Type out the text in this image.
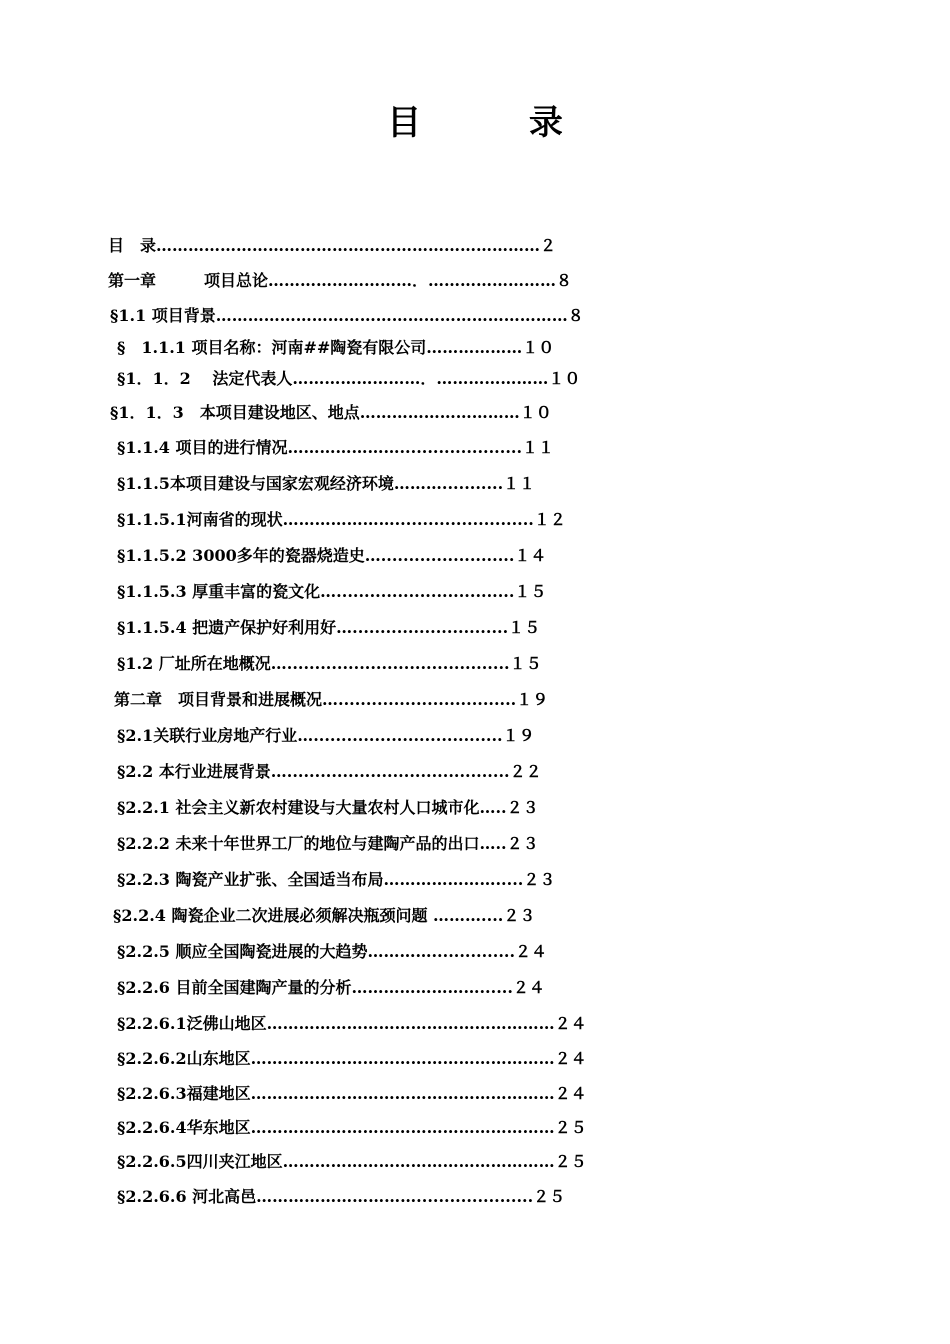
目 录
目　录………………………………………………………………２
第一章　　　项目总论………………………．……………………８
§1.1 项目背景…………………………………………………………８
§　1.1.1 项目名称：河南##陶瓷有限公司………………１０
§1．1．2　 法定代表人……………………．…………………１０
§1．1．3　本项目建设地区、地点…………………………１０
§1.1.4 项目的进行情况…………………......................１１
§1.1.5本项目建设与国家宏观经济环境………...........１１
§1.1.5.1河南省的现状………………….........................１２
§1.1.5.2 3000多年的瓷器烧造史…........................１４
§1.1.5.3 厚重丰富的瓷文化…................................１５
§1.1.5.4 把遗产保护好利用好…............................１５
§1.2 厂址所在地概况…........................................１５
第二章　项目背景和进展概况…................................１９
§2.1关联行业房地产行业…..................................１９
§2.2 本行业进展背景…........................................２２
§2.2.1 社会主义新农村建设与大量农村人口城市化…..２３
§2.2.2 未来十年世界工厂的地位与建陶产品的出口…..２３
§2.2.3 陶瓷产业扩张、全国适当布局………………….....２３
§2.2.4 陶瓷企业二次进展必须解决瓶颈问题 ………....２３
§2.2.5 顺应全国陶瓷进展的大趋势…………...............２４
§2.2.6 目前全国建陶产量的分析……………………......２４
§2.2.6.1泛佛山地区………………………………………………２４
§2.2.6.2山东地区…………………………………………………２４
§2.2.6.3福建地区…………………………………………………２４
§2.2.6.4华东地区…………………………………………………２５
§2.2.6.5四川夹江地区……………………………………………２５
§2.2.6.6 河北高邑………………………….....................２５
